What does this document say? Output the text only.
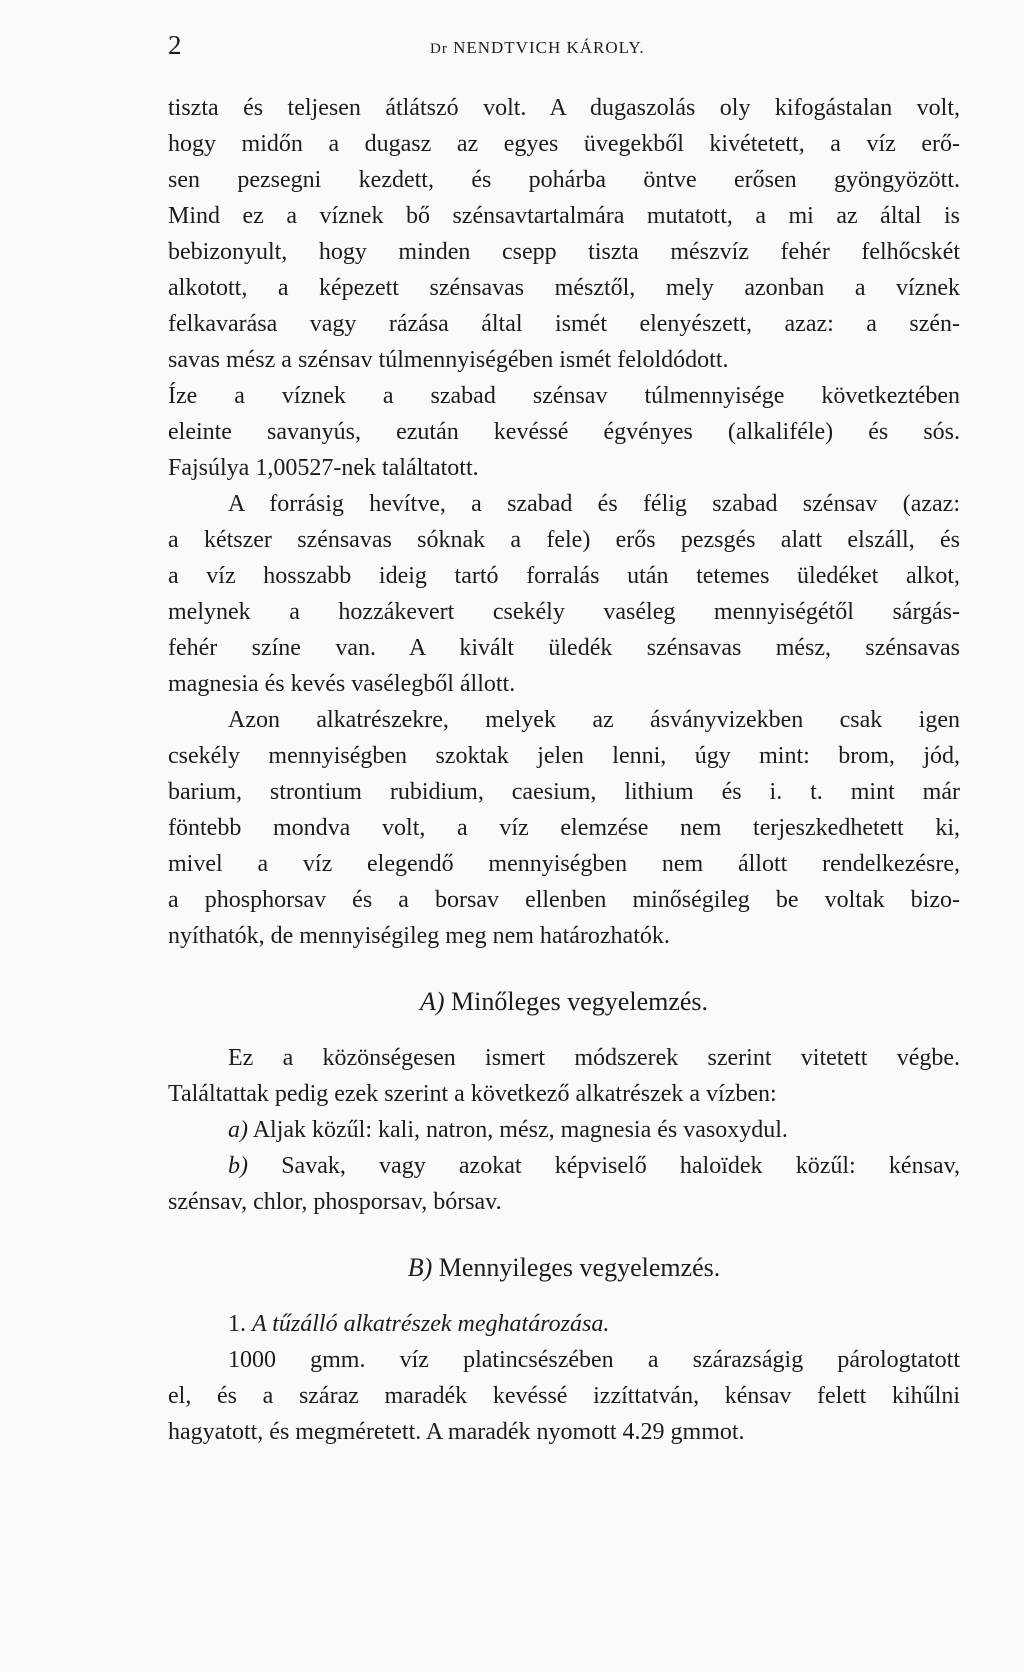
2	Dr NENDTVICH KÁROLY.
tiszta és teljesen átlátszó volt. A dugaszolás oly kifogástalan volt,
hogy midőn a dugasz az egyes üvegekből kivétetett, a víz erő-
sen pezsegni kezdett, és pohárba öntve erősen gyöngyözött.
Mind ez a víznek bő szénsavtartalmára mutatott, a mi az által is
bebizonyult, hogy minden csepp tiszta mészvíz fehér felhőcskét
alkotott, a képezett szénsavas mésztől, mely azonban a víznek
felkavarása vagy rázása által ismét elenyészett, azaz: a szén-
savas mész a szénsav túlmennyiségében ismét feloldódott.
Íze a víznek a szabad szénsav túlmennyisége következtében
eleinte savanyús, ezután kevéssé égvényes (alkaliféle) és sós.
Fajsúlya 1,00527-nek találtatott.
A forrásig hevítve, a szabad és félig szabad szénsav (azaz:
a kétszer szénsavas sóknak a fele) erős pezsgés alatt elszáll, és
a víz hosszabb ideig tartó forralás után tetemes üledéket alkot,
melynek a hozzákevert csekély vaséleg mennyiségétől sárgás-
fehér színe van. A kivált üledék szénsavas mész, szénsavas
magnesia és kevés vasélegből állott.
Azon alkatrészekre, melyek az ásványvizekben csak igen
csekély mennyiségben szoktak jelen lenni, úgy mint: brom, jód,
barium, strontium rubidium, caesium, lithium és i. t. mint már
föntebb mondva volt, a víz elemzése nem terjeszkedhetett ki,
mivel a víz elegendő mennyiségben nem állott rendelkezésre,
a phosphorsav és a borsav ellenben minőségileg be voltak bizo-
nyíthatók, de mennyiségileg meg nem határozhatók.
A) Minőleges vegyelemzés.
Ez a közönségesen ismert módszerek szerint vitetett végbe.
Találtattak pedig ezek szerint a következő alkatrészek a vízben:
a) Aljak közűl: kali, natron, mész, magnesia és vasoxydul.
b) Savak, vagy azokat képviselő haloïdek közűl: kénsav,
szénsav, chlor, phosporsav, bórsav.
B) Mennyileges vegyelemzés.
1. A tűzálló alkatrészek meghatározása.
1000 gmm. víz platincsészében a szárazságig párologtatott
el, és a száraz maradék kevéssé izzíttatván, kénsav felett kihűlni
hagyatott, és megméretett. A maradék nyomott 4.29 gmmot.
